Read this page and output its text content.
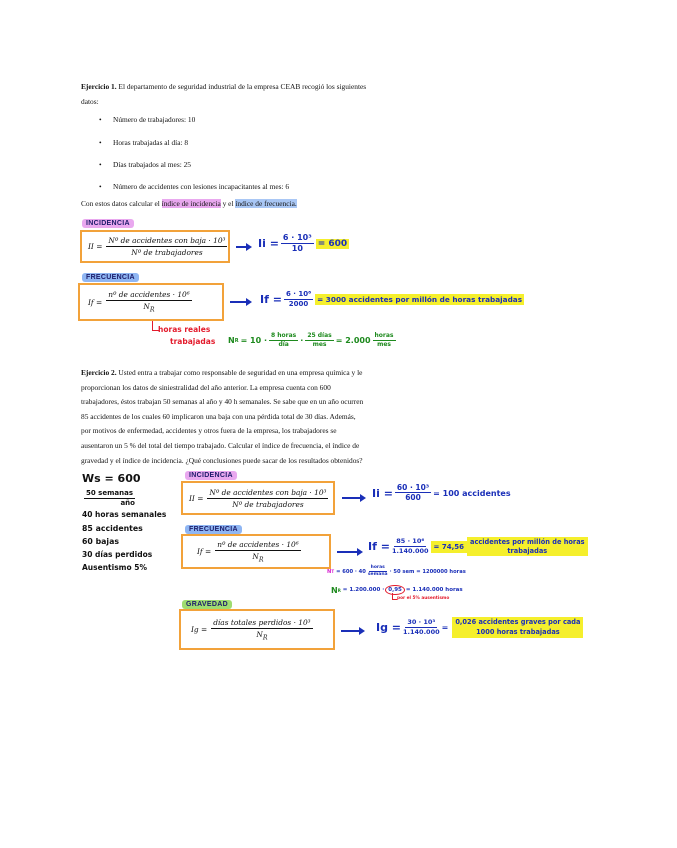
Ejercicio 1. El departamento de seguridad industrial de la empresa CEAB recogió los siguientes
datos:
• Número de trabajadores: 10
• Horas trabajadas al día: 8
• Días trabajados al mes: 25
• Número de accidentes con lesiones incapacitantes al mes: 6
Con estos datos calcular el índice de incidencia y el índice de frecuencia.
INCIDENCIA
II = $\frac{\text{Nº de accidentes con baja · 10³}}{\text{Nº de trabajadores}}$	$Ii = \frac{\text{6 · 10³}}{10} = 600$
FRECUENCIA
$If = \frac{\text{nº de accidentes · 10⁶}}{N_R}$	$If = \frac{\text{6 · 10⁶}}{2000} = 3000$ accidentes por millón de horas trabajadas
horas reales
trabajadas N R = 10 ·
8 horas
día ·
25 días
mes = 2.000
horas
mes
Ejercicio 2. Usted entra a trabajar como responsable de seguridad en una empresa química y le
proporcionan los datos de siniestralidad del año anterior. La empresa cuenta con 600
trabajadores, éstos trabajan 50 semanas al año y 40 h semanales. Se sabe que en un año ocurren
85 accidentes de los cuales 60 implicaron una baja con una pérdida total de 30 días. Además,
por motivos de enfermedad, accidentes y otros fuera de la empresa, los trabajadores se
ausentaron un 5 % del total del tiempo trabajado. Calcular el índice de frecuencia, el índice de
gravedad y el índice de incidencia. ¿Qué conclusiones puede sacar de los resultados obtenidos?
Ws = 600
50 semanas
año
40 horas semanales
85 accidentes
60 bajas
30 días perdidos
Ausentismo 5%
INCIDENCIA
II = $\frac{\text{Nº de accidentes con baja · 10³}}{\text{Nº de trabajadores}}$	$Ii = \frac{\text{60 · 10³}}{600} = 100$ accidentes
FRECUENCIA
$If = \frac{\text{nº de accidentes · 10⁶}}{N_R}$	$If = \frac{\text{85 · 10⁶}}{1.140.000} = 74,56$
accidentes por millón de horas
trabajadas
N T = 600 · 40
horas
semana · 50 sem = 1200000 horas
N R = 1.200.000 · 0,95 = 1.140.000 horas
por el 5% ausentismo
GRAVEDAD
$Ig = \frac{\text{días totales perdidos · 10³}}{N_R}$	$Ig = \frac{\text{30 · 10³}}{1.140.000}$ =
0,026 accidentes graves por cada
1000 horas trabajadas
